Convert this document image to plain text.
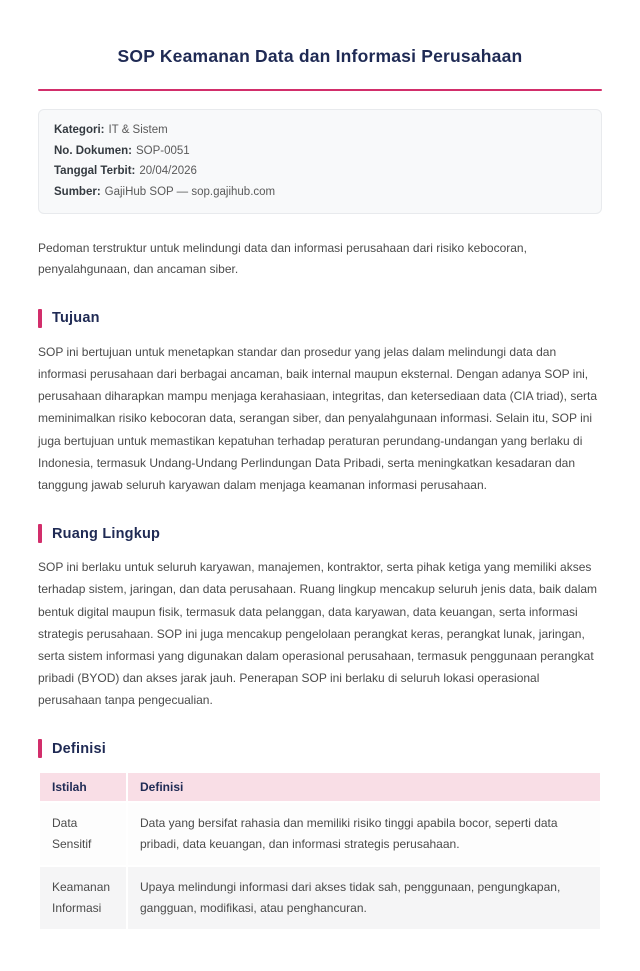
SOP Keamanan Data dan Informasi Perusahaan
Kategori: IT & Sistem
No. Dokumen: SOP-0051
Tanggal Terbit: 20/04/2026
Sumber: GajiHub SOP — sop.gajihub.com

Pedoman terstruktur untuk melindungi data dan informasi perusahaan dari risiko kebocoran, penyalahgunaan, dan ancaman siber.

Tujuan

SOP ini bertujuan untuk menetapkan standar dan prosedur yang jelas dalam melindungi data dan informasi perusahaan dari berbagai ancaman, baik internal maupun eksternal. Dengan adanya SOP ini, perusahaan diharapkan mampu menjaga kerahasiaan, integritas, dan ketersediaan data (CIA triad), serta meminimalkan risiko kebocoran data, serangan siber, dan penyalahgunaan informasi. Selain itu, SOP ini juga bertujuan untuk memastikan kepatuhan terhadap peraturan perundang-undangan yang berlaku di Indonesia, termasuk Undang-Undang Perlindungan Data Pribadi, serta meningkatkan kesadaran dan tanggung jawab seluruh karyawan dalam menjaga keamanan informasi perusahaan.

Ruang Lingkup

SOP ini berlaku untuk seluruh karyawan, manajemen, kontraktor, serta pihak ketiga yang memiliki akses terhadap sistem, jaringan, dan data perusahaan. Ruang lingkup mencakup seluruh jenis data, baik dalam bentuk digital maupun fisik, termasuk data pelanggan, data karyawan, data keuangan, serta informasi strategis perusahaan. SOP ini juga mencakup pengelolaan perangkat keras, perangkat lunak, jaringan, serta sistem informasi yang digunakan dalam operasional perusahaan, termasuk penggunaan perangkat pribadi (BYOD) dan akses jarak jauh. Penerapan SOP ini berlaku di seluruh lokasi operasional perusahaan tanpa pengecualian.

Definisi
Istilah	Definisi
Data Sensitif	Data yang bersifat rahasia dan memiliki risiko tinggi apabila bocor, seperti data pribadi, data keuangan, dan informasi strategis perusahaan.
Keamanan Informasi	Upaya melindungi informasi dari akses tidak sah, penggunaan, pengungkapan, gangguan, modifikasi, atau penghancuran.
